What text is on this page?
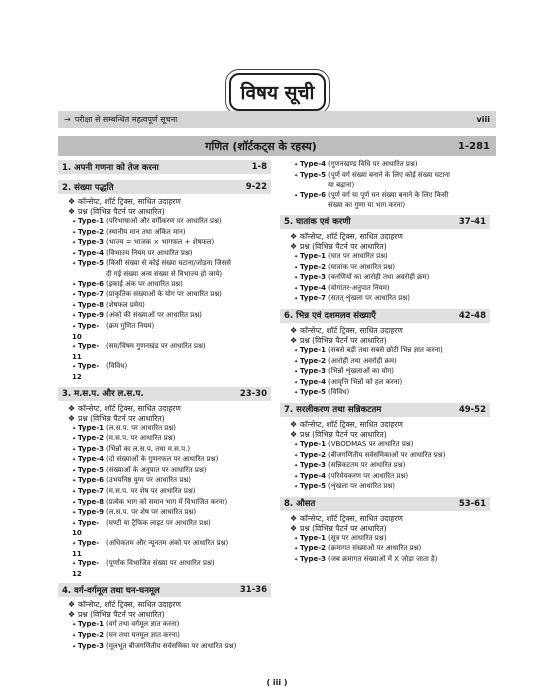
विषय सूची
→ परीक्षा से सम्बन्धित महत्वपूर्ण सूचना	viii
गणित (शॉर्टकट्स के रहस्य)	1-281
1. अपनी गणना को तेज करना	1-8
2. संख्या पद्धति	9-22
❖ कॉन्सेप्ट, शॉर्ट ट्रिक्स, साधित उदाहरण
❖ प्रश्न (विभिन्न पैटर्न पर आधारित)
✦ Type-1 (परिभाषाओं और वर्गीकरण पर आधारित प्रश्न)
✦ Type-2 (स्थानीय मान तथा अंकित मान)
✦ Type-3 (भाज्य = भाजक × भागफल + शेषफल)
✦ Type-4 (विभाज्य नियम पर आधारित प्रश्न)
✦ Type-5 (किसी संख्या से कोई संख्या घटाना/जोड़ना जिससे
दी गई संख्या अन्य संख्या से विभाज्य हो जाये)
✦ Type-6 (इकाई अंक पर आधारित प्रश्न)
✦ Type-7 (प्राकृतिक संख्याओं के योग पर आधारित प्रश्न)
✦ Type-8 (शेषफल प्रमेय)
✦ Type-9 (अंको की संख्याओं पर आधारित प्रश्न)
✦ Type-10
(क्रम गुणित नियम)
✦ Type-11
(सम/विषम गुणनखंड पर आधारित प्रश्न)
✦ Type-12
(विविध)
3. म.स.प. और ल.स.प.	23-30
❖ कॉन्सेप्ट, शॉर्ट ट्रिक्स, साधित उदाहरण
❖ प्रश्न (विभिन्न पैटर्न पर आधारित)
✦ Type-1 (ल.स.प. पर आधारित प्रश्न)
✦ Type-2 (म.स.प. पर आधारित प्रश्न)
✦ Type-3 (भिन्नों का ल.स.प. तथा म.स.प.)
✦ Type-4 (दो संख्याओं के गुणनफल पर आधारित प्रश्न)
✦ Type-5 (संख्याओं के अनुपात पर आधारित प्रश्न)
✦ Type-6 (उभयनिष्ठ युग्म पर आधारित प्रश्न)
✦ Type-7 (म.स.प. पर शेष पर आधारित प्रश्न)
✦ Type-8 (प्रत्येक भाग को समान भाग में विभाजित करना)
✦ Type-9 (ल.स.प. पर शेष पर आधारित प्रश्न)
✦ Type-10
(घण्टी या ट्रैफिक लाइट पर आधारित प्रश्न)
✦ Type-11
(अधिकतम और न्यूनतम अंको पर आधारित प्रश्न)
✦ Type-12
(पूर्णांक विभाजित संख्या पर आधारित प्रश्न)
4. वर्ग-वर्गमूल तथा घन-घनमूल	31-36
❖ कॉन्सेप्ट, शॉर्ट ट्रिक्स, साधित उदाहरण
❖ प्रश्न (विभिन्न पैटर्न पर आधारित)
✦ Type-1 (वर्ग तथा वर्गमूल ज्ञात करना)
✦ Type-2 (घन तथा घनमूल ज्ञात करना)
✦ Type-3 (मूलभूत बीजगणितीय सर्वसमिका पर आधारित प्रश्न)
✦ Type-4 (गुणनखण्ड विधि पर आधारित प्रश्न)
✦ Type-5 (पूर्ण वर्ग संख्या बनाने के लिए कोई संख्या घटाना
या बढ़ाना)
✦ Type-6 (पूर्ण वर्ग या पूर्ण घन संख्या बनाने के लिए किसी
संख्या का गुणा या भाग करना)
5. घातांक एवं करणी	37-41
❖ कॉन्सेप्ट, शॉर्ट ट्रिक्स, साधित उदाहरण
❖ प्रश्न (विभिन्न पैटर्न पर आधारित)
✦ Type-1 (घात पर आधारित प्रश्न)
✦ Type-2 (घातांक पर आधारित प्रश्न)
✦ Type-3 (करणियों का आरोही तथा अवरोही क्रम)
✦ Type-4 (योगांतर-अनुपात नियम)
✦ Type-7 (सतत् शृंखला पर आधारित प्रश्न)
6. भिन्न एवं दशमलव संख्याएँ	42-48
❖ कॉन्सेप्ट, शॉर्ट ट्रिक्स, साधित उदाहरण
❖ प्रश्न (विभिन्न पैटर्न पर आधारित)
✦ Type-1 (सबसे बड़ी तथा सबसे छोटी भिन्न ज्ञात करना)
✦ Type-2 (आरोही तथा अवरोही क्रम)
✦ Type-3 (भिन्नों शृंखलाओं का योग)
✦ Type-4 (आवृत्ति भिन्नों को हल करना)
✦ Type-5 (विविध)
7. सरलीकरण तथा सन्निकटतम	49-52
❖ कॉन्सेप्ट, शॉर्ट ट्रिक्स, साधित उदाहरण
❖ प्रश्न (विभिन्न पैटर्न पर आधारित)
✦ Type-1 (VBODMAS पर आधारित प्रश्न)
✦ Type-2 (बीजगणितीय सर्वसमिकाओं पर आधारित प्रश्न)
✦ Type-3 (सन्निकटतम पर आधारित प्रश्न)
✦ Type-4 (परिमेयकरण पर आधारित प्रश्न)
✦ Type-5 (शृंखला पर आधारित प्रश्न)
8. औसत	53-61
❖ कॉन्सेप्ट, शॉर्ट ट्रिक्स, साधित उदाहरण
❖ प्रश्न (विभिन्न पैटर्न पर आधारित)
✦ Type-1 (सूत्र पर आधारित प्रश्न)
✦ Type-2 (क्रमागत संख्याओं पर आधारित प्रश्न)
✦ Type-3 (जब क्रमागत संख्याओं में X जोड़ा जाता है)
( iii )
